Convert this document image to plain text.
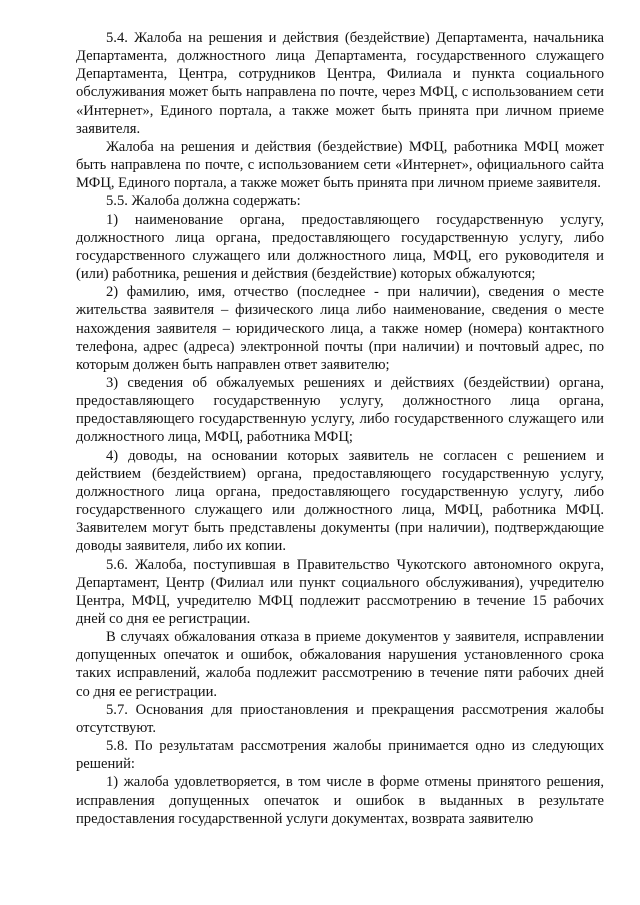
5.4. Жалоба на решения и действия (бездействие) Департамента, начальника Департамента, должностного лица Департамента, государственного служащего Департамента, Центра, сотрудников Центра, Филиала и пункта социального обслуживания может быть направлена по почте, через МФЦ, с использованием сети «Интернет», Единого портала, а также может быть принята при личном приеме заявителя.

Жалоба на решения и действия (бездействие) МФЦ, работника МФЦ может быть направлена по почте, с использованием сети «Интернет», официального сайта МФЦ, Единого портала, а также может быть принята при личном приеме заявителя.

5.5. Жалоба должна содержать:

1) наименование органа, предоставляющего государственную услугу, должностного лица органа, предоставляющего государственную услугу, либо государственного служащего или должностного лица, МФЦ, его руководителя и (или) работника, решения и действия (бездействие) которых обжалуются;

2) фамилию, имя, отчество (последнее - при наличии), сведения о месте жительства заявителя – физического лица либо наименование, сведения о месте нахождения заявителя – юридического лица, а также номер (номера) контактного телефона, адрес (адреса) электронной почты (при наличии) и почтовый адрес, по которым должен быть направлен ответ заявителю;

3) сведения об обжалуемых решениях и действиях (бездействии) органа, предоставляющего государственную услугу, должностного лица органа, предоставляющего государственную услугу, либо государственного служащего или должностного лица, МФЦ, работника МФЦ;

4) доводы, на основании которых заявитель не согласен с решением и действием (бездействием) органа, предоставляющего государственную услугу, должностного лица органа, предоставляющего государственную услугу, либо государственного служащего или должностного лица, МФЦ, работника МФЦ. Заявителем могут быть представлены документы (при наличии), подтверждающие доводы заявителя, либо их копии.

5.6. Жалоба, поступившая в Правительство Чукотского автономного округа, Департамент, Центр (Филиал или пункт социального обслуживания), учредителю Центра, МФЦ, учредителю МФЦ подлежит рассмотрению в течение 15 рабочих дней со дня ее регистрации.

В случаях обжалования отказа в приеме документов у заявителя, исправлении допущенных опечаток и ошибок, обжалования нарушения установленного срока таких исправлений, жалоба подлежит рассмотрению в течение пяти рабочих дней со дня ее регистрации.

5.7. Основания для приостановления и прекращения рассмотрения жалобы отсутствуют.

5.8. По результатам рассмотрения жалобы принимается одно из следующих решений:

1) жалоба удовлетворяется, в том числе в форме отмены принятого решения, исправления допущенных опечаток и ошибок в выданных в результате предоставления государственной услуги документах, возврата заявителю
